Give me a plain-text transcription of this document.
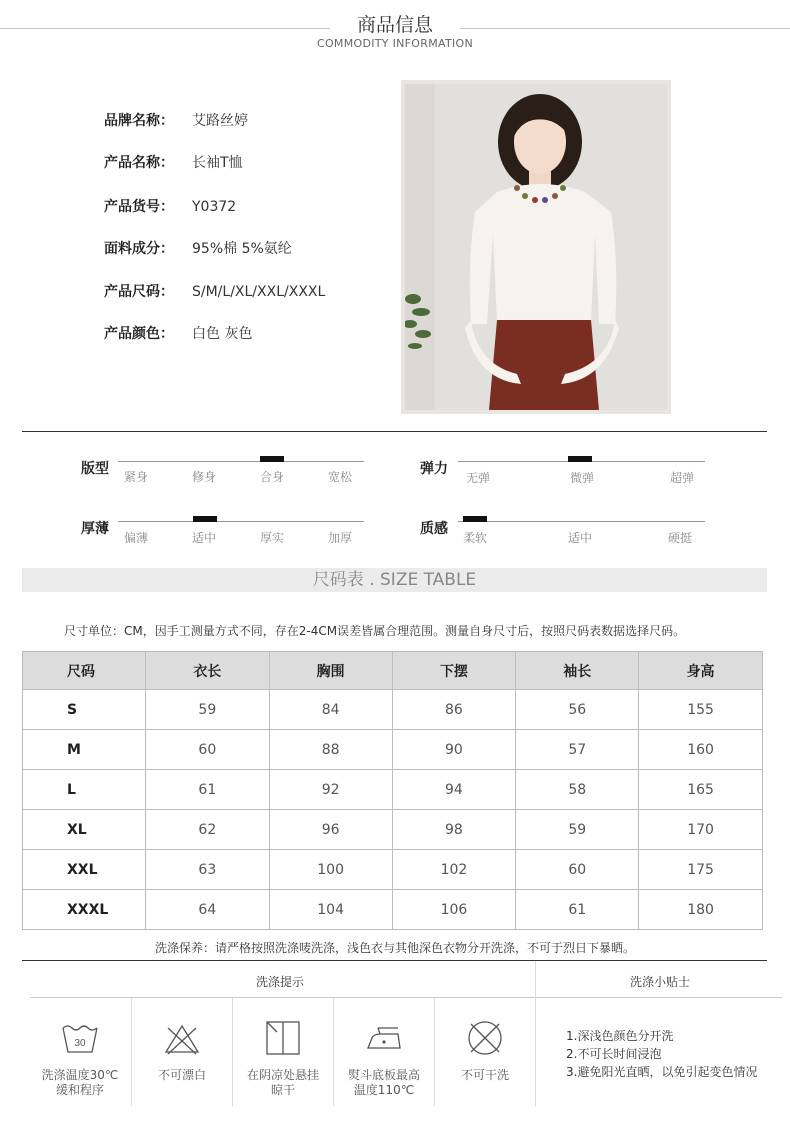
商品信息
COMMODITY INFORMATION
品牌名称： 艾路丝婷
产品名称： 长袖T恤
产品货号： Y0372
面料成分： 95%棉 5%氨纶
产品尺码： S/M/L/XL/XXL/XXXL
产品颜色： 白色 灰色
版型 紧身	修身	合身	宽松	弹力
无弹	微弹	超弹
厚薄
偏薄	适中	厚实	加厚
质感
柔软	适中	硬挺
尺码表 . SIZE TABLE
尺寸单位：CM，因手工测量方式不同，存在2-4CM误差皆属合理范围。测量自身尺寸后，按照尺码表数据选择尺码。
尺码	衣长	胸围	下摆	袖长	身高
S	59	84	86	56	155
M	60	88	90	57	160
L	61	92	94	58	165
XL	62	96	98	59	170
XXL	63	100	102	60	175
XXXL	64	104	106	61	180
洗涤保养：请严格按照洗涤唛洗涤，浅色衣与其他深色衣物分开洗涤，不可于烈日下暴晒。
洗涤提示	洗涤小贴士
30
洗涤温度30℃
缓和程序
不可漂白	在阴凉处悬挂
晾干
熨斗底板最高
温度110℃
不可干洗
1.深浅色颜色分开洗
2.不可长时间浸泡
3.避免阳光直晒，以免引起变色情况
